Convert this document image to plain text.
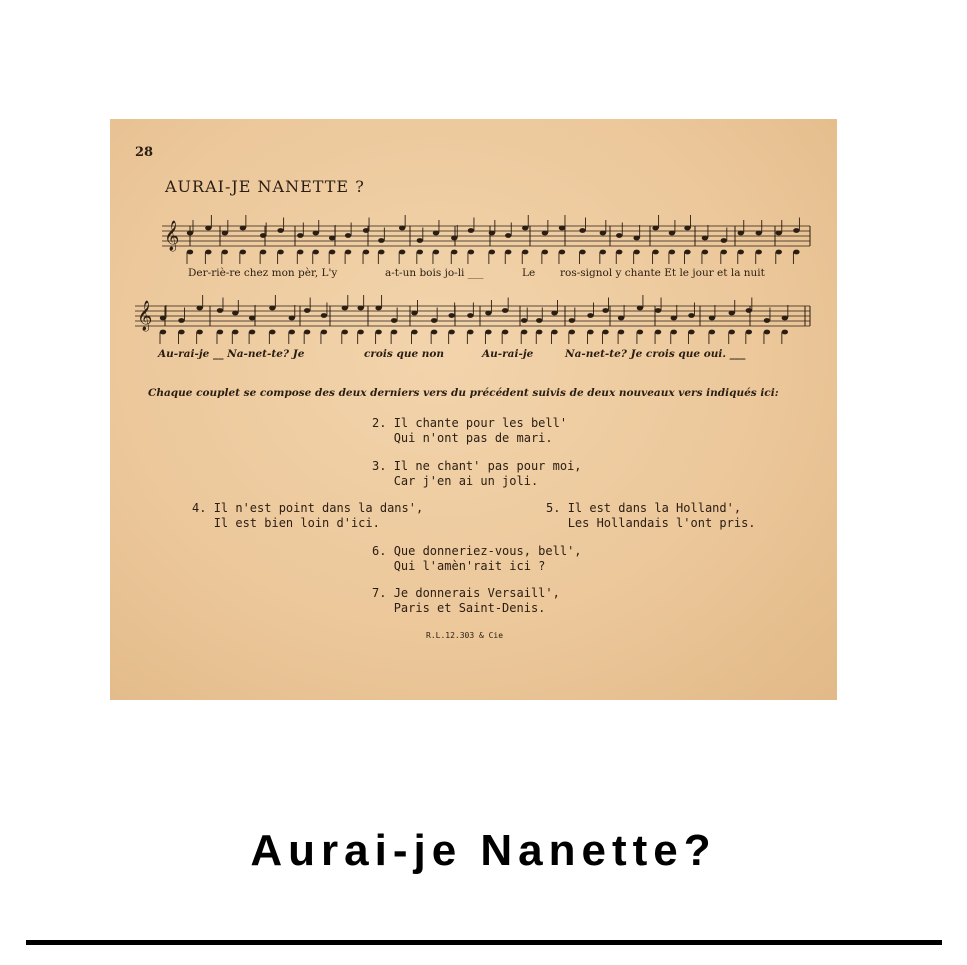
28
AURAI-JE NANETTE ?
𝄞
Der-riè-re chez mon pèr, L'y	a-t-un bois jo-li ___	Le ros-signol y chante Et le jour et la nuit
𝄞
Au-rai-je __ Na-net-te? Je	crois que non	Au-rai-je	Na-net-te? Je crois que oui. ___
Chaque couplet se compose des deux derniers vers du précédent suivis de deux nouveaux vers indiqués ici:
2. Il chante pour les bell'
Qui n'ont pas de mari.
3. Il ne chant' pas pour moi,
Car j'en ai un joli.
4. Il n'est point dans la dans',
Il est bien loin d'ici.
5. Il est dans la Holland',
Les Hollandais l'ont pris.
6. Que donneriez-vous, bell',
Qui l'amèn'rait ici ?
7. Je donnerais Versaill',
Paris et Saint-Denis.
R.L.12.303 & Cie
Aurai-je Nanette?
